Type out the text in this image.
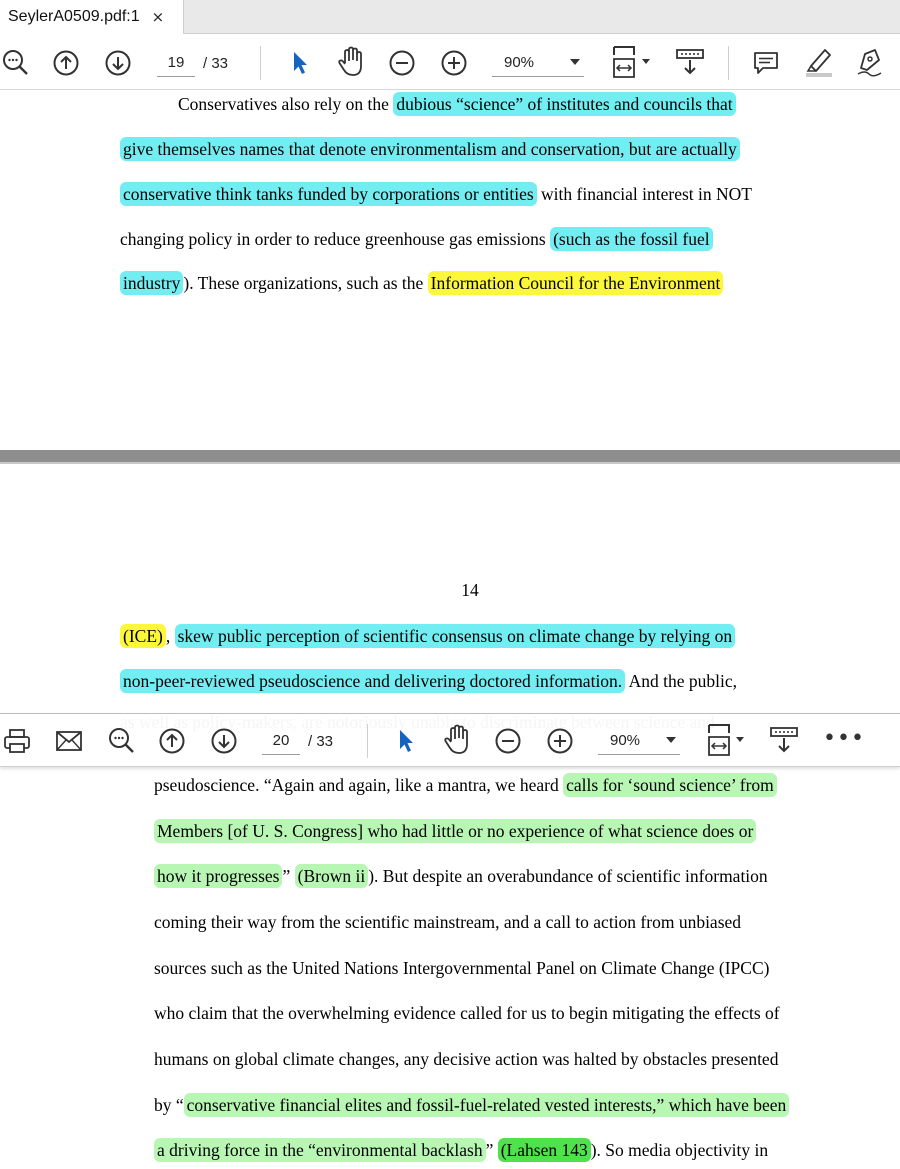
SeylerA0509.pdf:1 ×
19	/ 33	90%
Conservatives also rely on the dubious “science” of institutes and councils that
give themselves names that denote environmentalism and conservation, but are actually
conservative think tanks funded by corporations or entities with financial interest in NOT
changing policy in order to reduce greenhouse gas emissions (such as the fossil fuel
industry ). These organizations, such as the Information Council for the Environment
14
(ICE) , skew public perception of scientific consensus on climate change by relying on
non-peer-reviewed pseudoscience and delivering doctored information. And the public,
20	/ 33	90%	•••
pseudoscience. “Again and again, like a mantra, we heard calls for ‘sound science’ from
Members [of U. S. Congress] who had little or no experience of what science does or
how it progresses ” (Brown ii ). But despite an overabundance of scientific information
coming their way from the scientific mainstream, and a call to action from unbiased
sources such as the United Nations Intergovernmental Panel on Climate Change (IPCC)
who claim that the overwhelming evidence called for us to begin mitigating the effects of
humans on global climate changes, any decisive action was halted by obstacles presented
by “ conservative financial elites and fossil-fuel-related vested interests,” which have been
a driving force in the “environmental backlash ” (Lahsen 143 ). So media objectivity in
